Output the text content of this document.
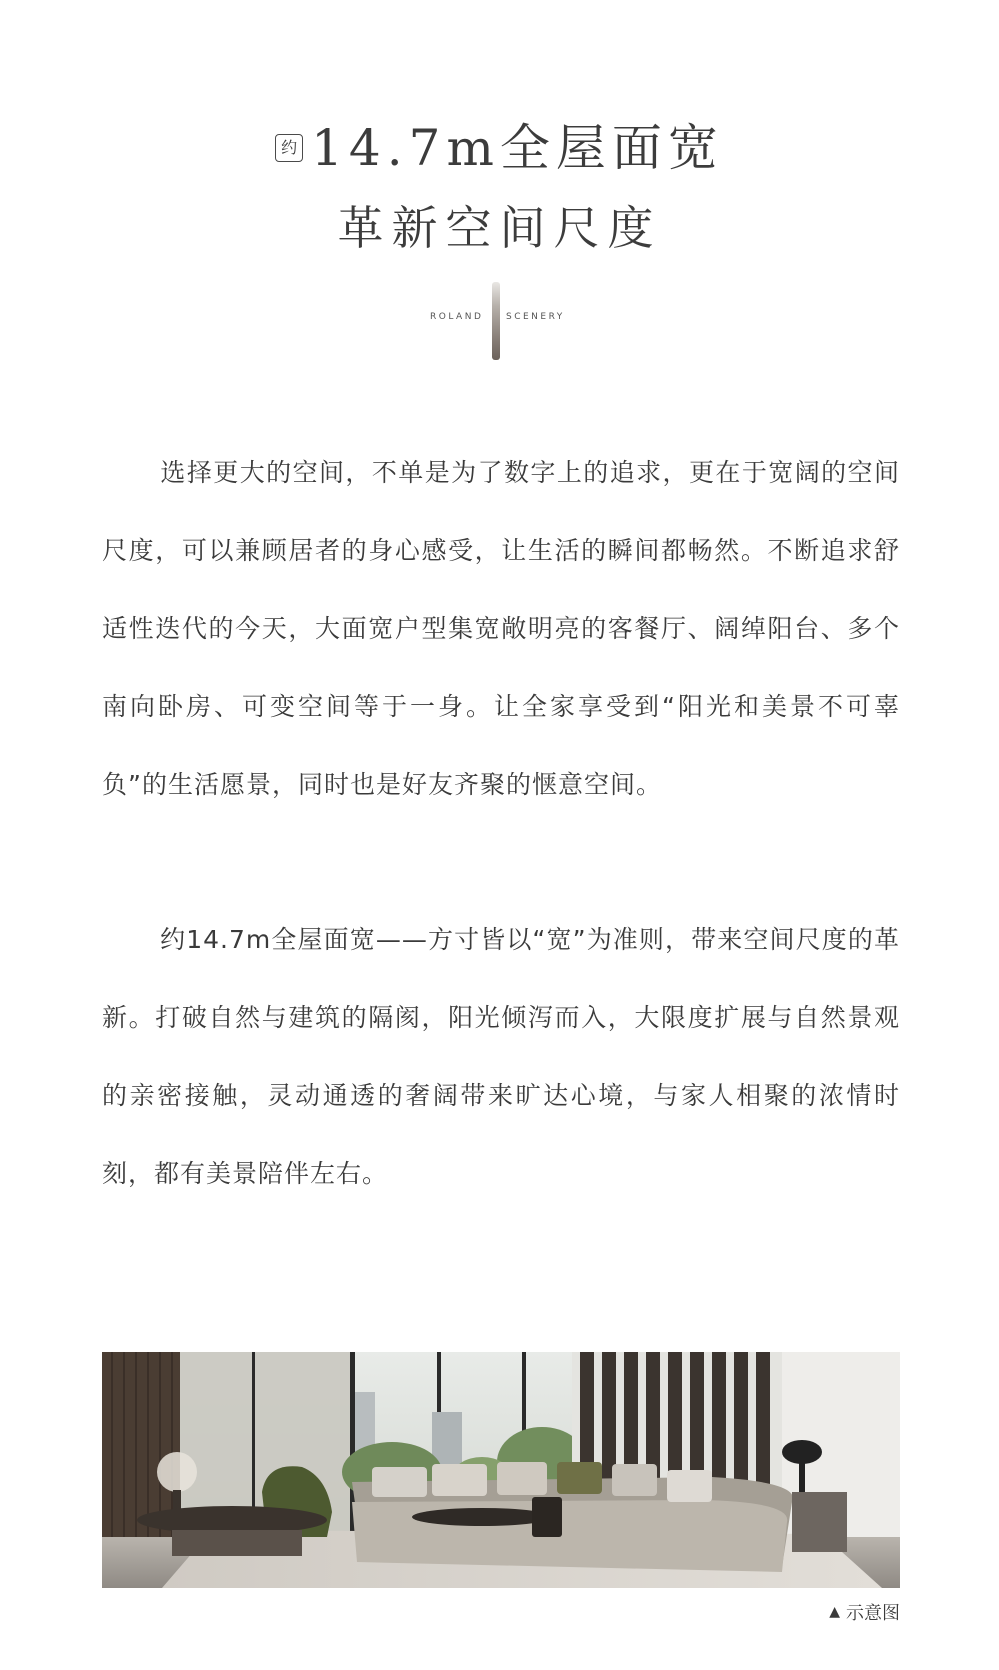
约 14.7m全屋面宽
革新空间尺度
ROLAND	SCENERY
选择更大的空间，不单是为了数字上的追求，更在于宽阔的空间尺度，可以兼顾居者的身心感受，让生活的瞬间都畅然。不断追求舒适性迭代的今天，大面宽户型集宽敞明亮的客餐厅、阔绰阳台、多个南向卧房、可变空间等于一身。让全家享受到“阳光和美景不可辜负”的生活愿景，同时也是好友齐聚的惬意空间。
约14.7m全屋面宽——方寸皆以“宽”为准则，带来空间尺度的革新。打破自然与建筑的隔阂，阳光倾泻而入，大限度扩展与自然景观的亲密接触，灵动通透的奢阔带来旷达心境，与家人相聚的浓情时刻，都有美景陪伴左右。
▲ 示意图
